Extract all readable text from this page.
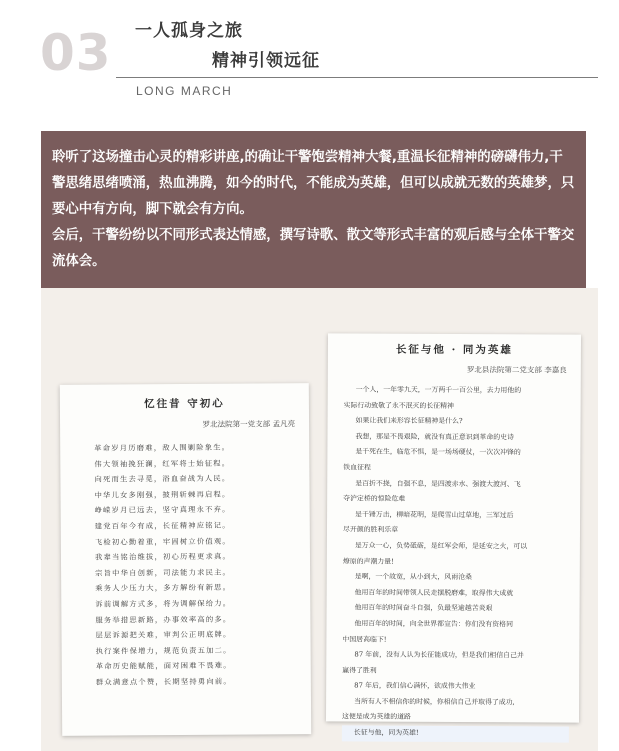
03 一人孤身之旅
精神引领远征
LONG MARCH

聆听了这场撞击心灵的精彩讲座,的确让干警饱尝精神大餐,重温长征精神的磅礴伟力,干警思绪思绪喷涌，热血沸腾，如今的时代，不能成为英雄，但可以成就无数的英雄梦，只要心中有方向，脚下就会有方向。

会后，干警纷纷以不同形式表达情感，撰写诗歌、散文等形式丰富的观后感与全体干警交流体会。

忆往昔 守初心
罗北法院第一党支部 孟凡亮
革命岁月历磨难，敌人围剿险象生。
伟大领袖挽狂澜，红军将士始征程。
向死而生去寻觅，浴血奋战为人民。
中华儿女多刚强，披荆斩棘再启程。
峥嵘岁月已远去，坚守真理永不弃。
建党百年今有成，长征精神应铭记。
飞检初心勤着重，牢固树立价值观。
我辈当铭治维拔，初心历程更求真。
宗旨中华自创新，司法能力求民主。
乘务人少压力大，多方解纷有新思。
诉前调解方式多，将为调解保给力。
服务举措思新路，办事效率高的多。
层层诉源把关难，审判公正明底牌。
执行案件保增力，规范负责五加二。
革命历史能赋能，面对困难不畏难。
群众满意点个赞，长期坚持勇向前。
长征与他 · 同为英雄
罗北县法院第二党支部 李嘉良
一个人，一年零九天，一万两千一百公里，去力用他的
实际行动致敬了永不泯灭的长征精神
如果让我们来形容长征精神是什么?
我想，那是不畏艰险，就没有真正意识到革命的史诗
是千死在生，临危不惧，是一场场硬仗，一次次冲锋的
铁血征程
是百折不挠，自强不息，是四渡赤水、强渡大渡河、飞
夺沪定桥的惊险危难
是千锤万击，柳暗花明，是爬雪山过草地，三军过后
尽开颜的胜利乐章
是万众一心，负势砥砺，是红军会师，是延安之火，可以
燎原的声潮力量!
是啊，一个故宽，从小到大，风雨沧桑
他用百年的时间带领人民走摆脱磨难，取得伟大成就
他用百年的时间奋斗自强，负最坚逾越苦炎艰
他用百年的时间，向全世界都宣告：你们没有资格同
中国居高临下!
87 年前，没有人认为长征能成功，但是我们相信自己并
赢得了胜利
87 年后，我们信心满怀，欲成伟大伟业
当所有人不相信你的时候，你相信自己并取得了成功,
这便是成为英雄的道路
长征与他，同为英雄!
